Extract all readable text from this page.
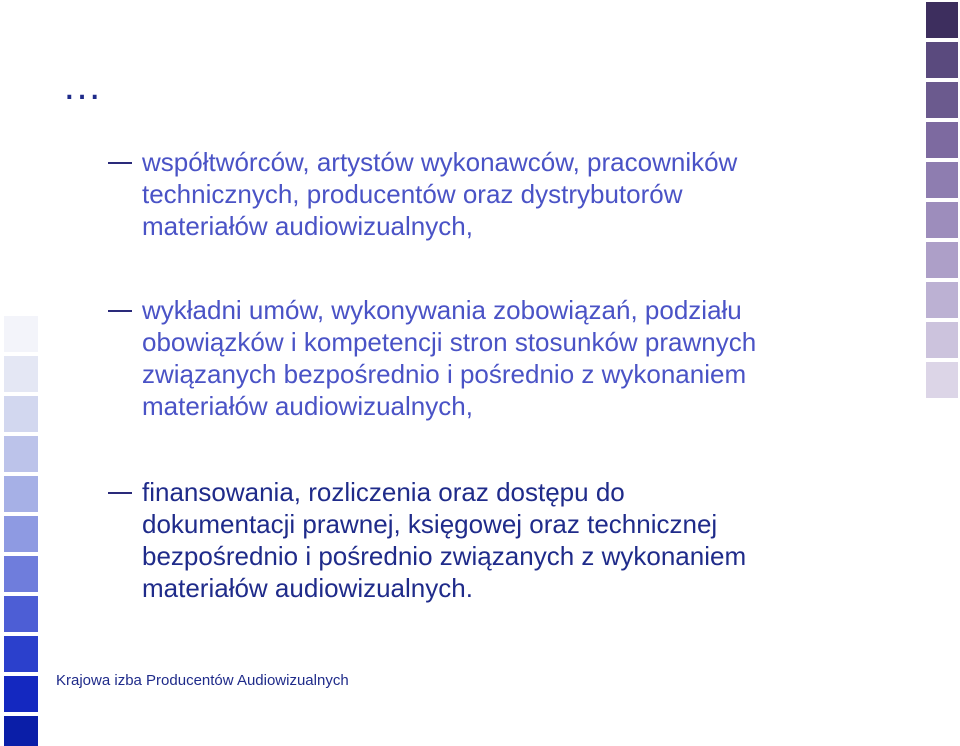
…
współtwórców, artystów wykonawców, pracowników
technicznych, producentów oraz dystrybutorów
materiałów audiowizualnych,
wykładni umów, wykonywania zobowiązań, podziału
obowiązków i kompetencji stron stosunków prawnych
związanych bezpośrednio i pośrednio z wykonaniem
materiałów audiowizualnych,
finansowania, rozliczenia oraz dostępu do
dokumentacji prawnej, księgowej oraz technicznej
bezpośrednio i pośrednio związanych z wykonaniem
materiałów audiowizualnych.
Krajowa izba Producentów Audiowizualnych
